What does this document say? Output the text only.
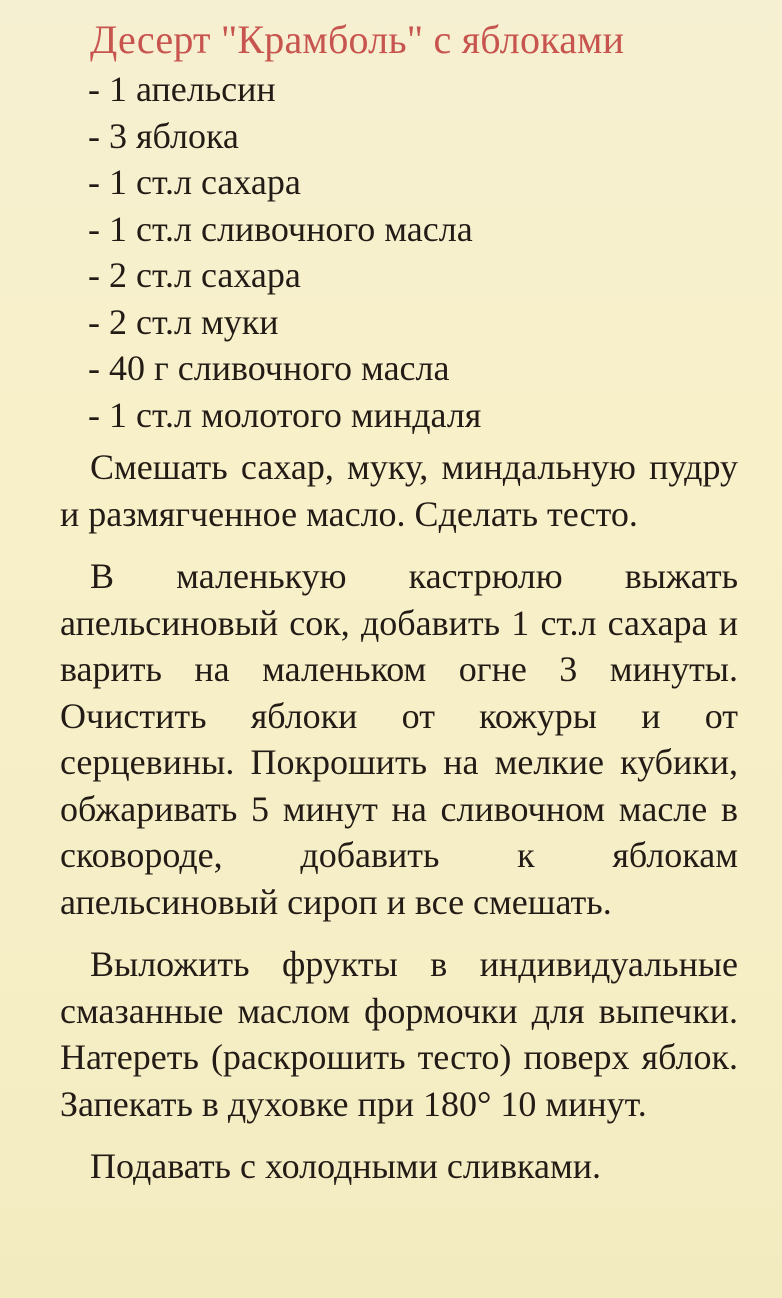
Десерт "Крамболь" с яблоками
- 1 апельсин
- 3 яблока
- 1 ст.л сахара
- 1 ст.л сливочного масла
- 2 ст.л сахара
- 2 ст.л муки
- 40 г сливочного масла
- 1 ст.л молотого миндаля

Смешать сахар, муку, миндальную пудру и размягченное масло. Сделать тесто.

В маленькую кастрюлю выжать апельсиновый сок, добавить 1 ст.л сахара и варить на маленьком огне 3 минуты. Очистить яблоки от кожуры и от серцевины. Покрошить на мелкие кубики, обжаривать 5 минут на сливочном масле в сковороде, добавить к яблокам апельсиновый сироп и все смешать.

Выложить фрукты в индивидуальные смазанные маслом формочки для выпечки. Натереть (раскрошить тесто) поверх яблок. Запекать в духовке при 180° 10 минут.

Подавать с холодными сливками.
